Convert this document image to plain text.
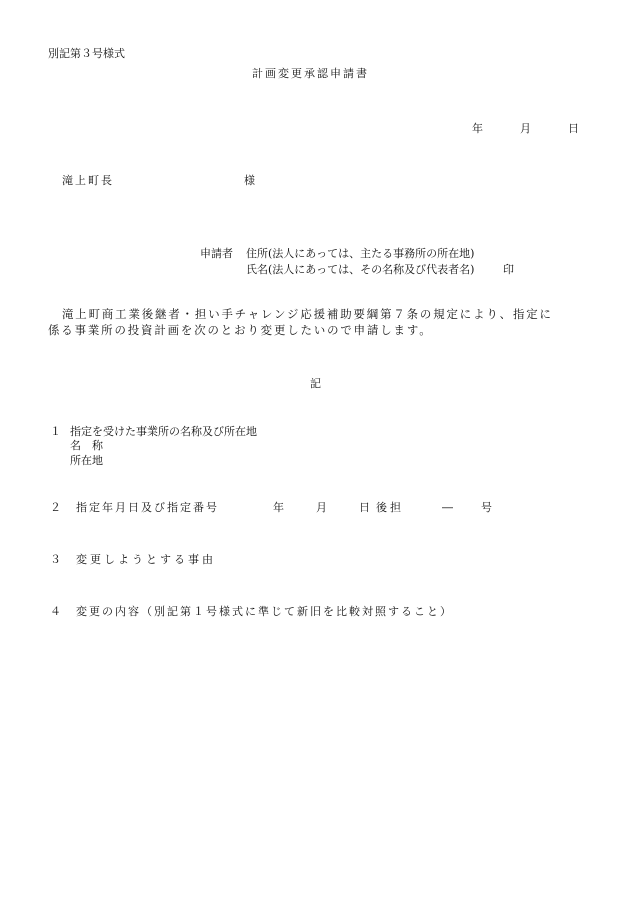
別記第３号様式
計画変更承認申請書
年	月	日
滝上町長	様
申請者 住所(法人にあっては、主たる事務所の所在地)
氏名(法人にあっては、その名称及び代表者名)	印
滝上町商工業後継者・担い手チャレンジ応援補助要綱第７条の規定により、指定に
係る事業所の投資計画を次のとおり変更したいので申請します。
記
１ 指定を受けた事業所の名称及び所在地
名　称
所在地
２ 指定年月日及び指定番号	年	月	日 後担	―	号
３ 変更しようとする事由
４ 変更の内容（別記第１号様式に準じて新旧を比較対照すること）
